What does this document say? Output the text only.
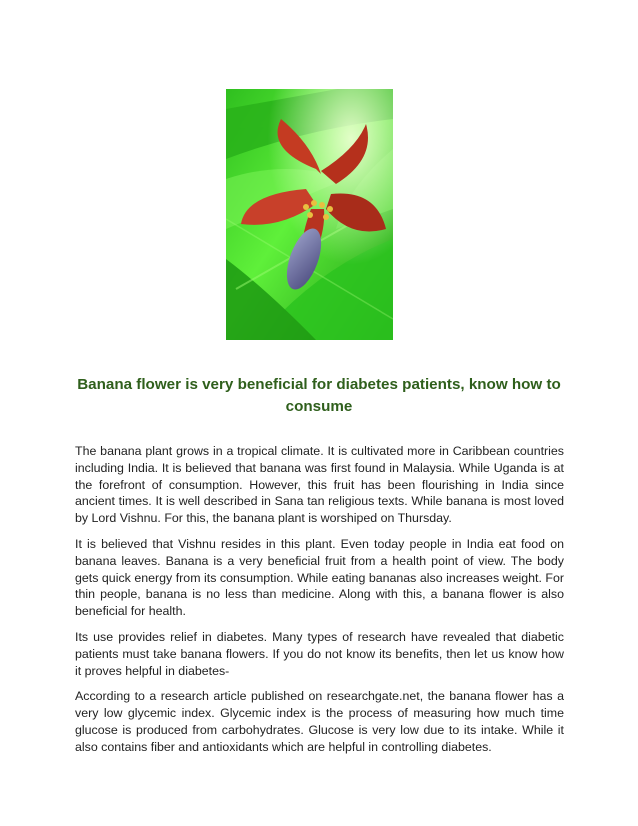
Banana flower is very beneficial for diabetes patients, know how to consume

The banana plant grows in a tropical climate. It is cultivated more in Caribbean countries including India. It is believed that banana was first found in Malaysia. While Uganda is at the forefront of consumption. However, this fruit has been flourishing in India since ancient times. It is well described in Sana tan religious texts. While banana is most loved by Lord Vishnu. For this, the banana plant is worshiped on Thursday.

It is believed that Vishnu resides in this plant. Even today people in India eat food on banana leaves. Banana is a very beneficial fruit from a health point of view. The body gets quick energy from its consumption. While eating bananas also increases weight. For thin people, banana is no less than medicine. Along with this, a banana flower is also beneficial for health.

Its use provides relief in diabetes. Many types of research have revealed that diabetic patients must take banana flowers. If you do not know its benefits, then let us know how it proves helpful in diabetes-

According to a research article published on researchgate.net, the banana flower has a very low glycemic index. Glycemic index is the process of measuring how much time glucose is produced from carbohydrates. Glucose is very low due to its intake. While it also contains fiber and antioxidants which are helpful in controlling diabetes.
